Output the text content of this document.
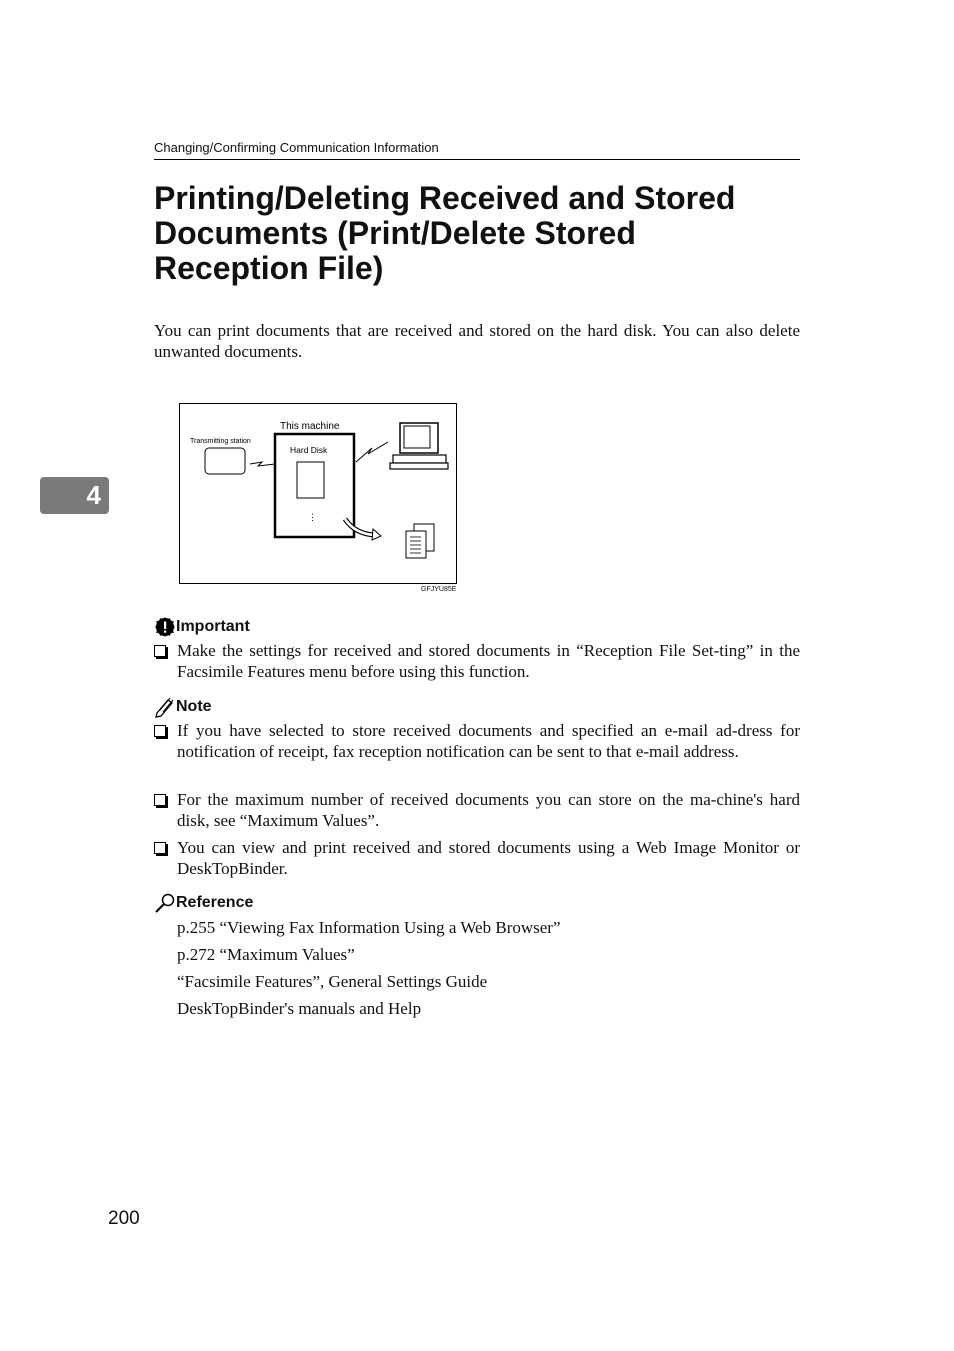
Changing/Confirming Communication Information
Printing/Deleting Received and Stored
Documents (Print/Delete Stored
Reception File)
You can print documents that are received and stored on the hard disk. You can also delete unwanted documents.
4
Transmitting station
This machine
Hard Disk
⋮
GFJYU85E
Important
Make the settings for received and stored documents in “Reception File Set-ting” in the Facsimile Features menu before using this function.
Note
If you have selected to store received documents and specified an e-mail ad-dress for notification of receipt, fax reception notification can be sent to that e-mail address.
For the maximum number of received documents you can store on the ma-chine's hard disk, see “Maximum Values”.
You can view and print received and stored documents using a Web Image Monitor or DeskTopBinder.
Reference
p.255 “Viewing Fax Information Using a Web Browser”
p.272 “Maximum Values”
“Facsimile Features”, General Settings Guide
DeskTopBinder's manuals and Help
200
